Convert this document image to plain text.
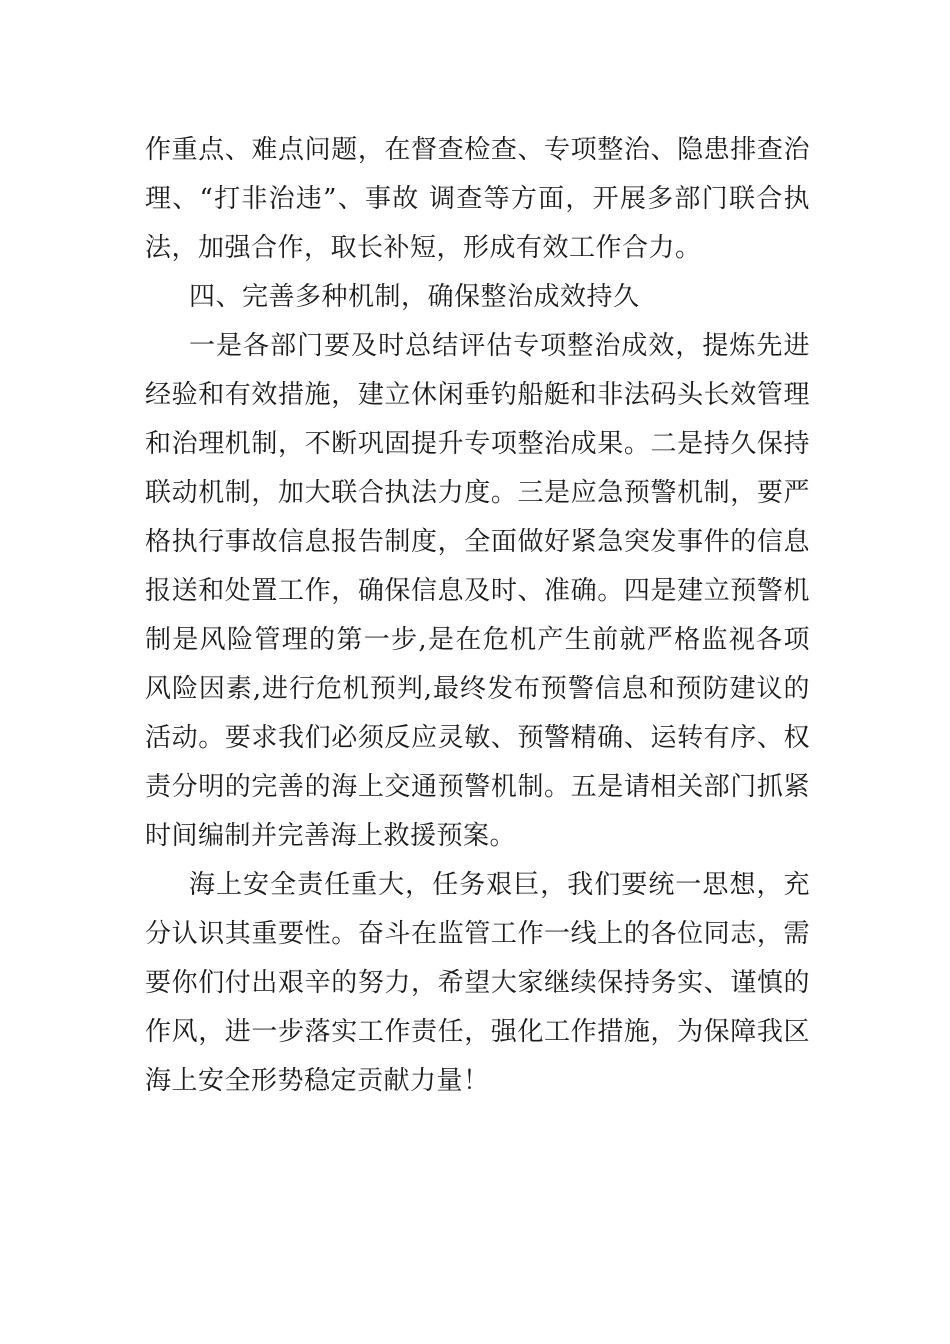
作重点、难点问题，在督查检查、专项整治、隐患排查治理、“打非治违”、事故 调查等方面，开展多部门联合执法，加强合作，取长补短，形成有效工作合力。

四、完善多种机制，确保整治成效持久

一是各部门要及时总结评估专项整治成效，提炼先进经验和有效措施，建立休闲垂钓船艇和非法码头长效管理和治理机制，不断巩固提升专项整治成果。二是持久保持联动机制，加大联合执法力度。三是应急预警机制，要严格执行事故信息报告制度，全面做好紧急突发事件的信息报送和处置工作，确保信息及时、准确。四是建立预警机制是风险管理的第一步,是在危机产生前就严格监视各项风险因素,进行危机预判,最终发布预警信息和预防建议的活动。要求我们必须反应灵敏、预警精确、运转有序、权责分明的完善的海上交通预警机制。五是请相关部门抓紧时间编制并完善海上救援预案。

海上安全责任重大，任务艰巨，我们要统一思想，充分认识其重要性。奋斗在监管工作一线上的各位同志，需要你们付出艰辛的努力，希望大家继续保持务实、谨慎的作风，进一步落实工作责任，强化工作措施，为保障我区海上安全形势稳定贡献力量！
